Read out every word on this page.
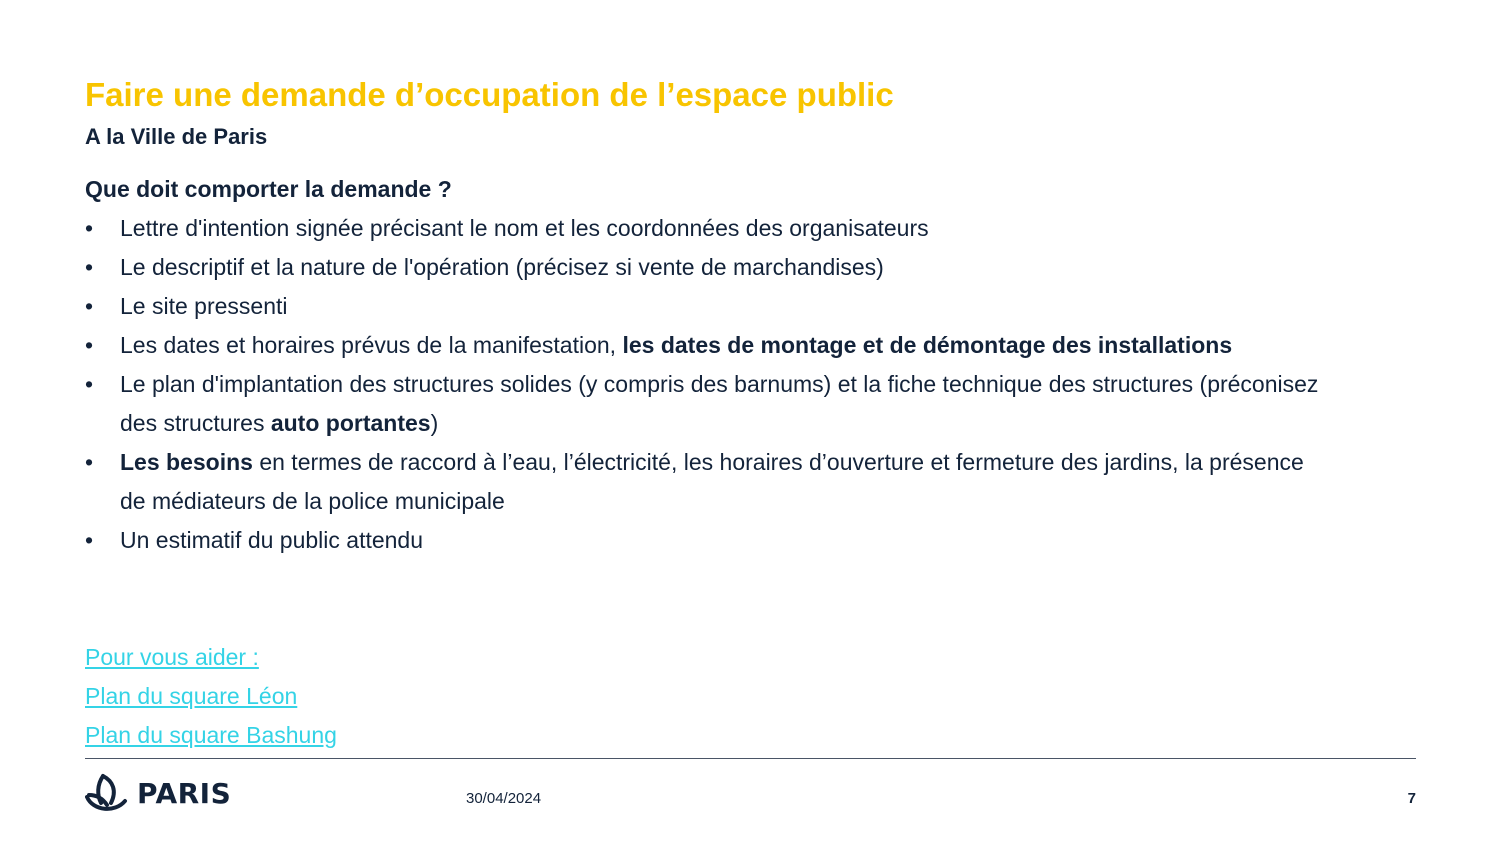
Faire une demande d’occupation de l’espace public
A la Ville de Paris
Que doit comporter la demande ?
• Lettre d'intention signée précisant le nom et les coordonnées des organisateurs
• Le descriptif et la nature de l'opération (précisez si vente de marchandises)
• Le site pressenti
• Les dates et horaires prévus de la manifestation, les dates de montage et de démontage des installations
• Le plan d'implantation des structures solides (y compris des barnums) et la fiche technique des structures (préconisez des structures auto portantes)
• Les besoins en termes de raccord à l’eau, l’électricité, les horaires d’ouverture et fermeture des jardins, la présence de médiateurs de la police municipale
• Un estimatif du public attendu
Pour vous aider :
Plan du square Léon
Plan du square Bashung
PARIS	30/04/2024	7
